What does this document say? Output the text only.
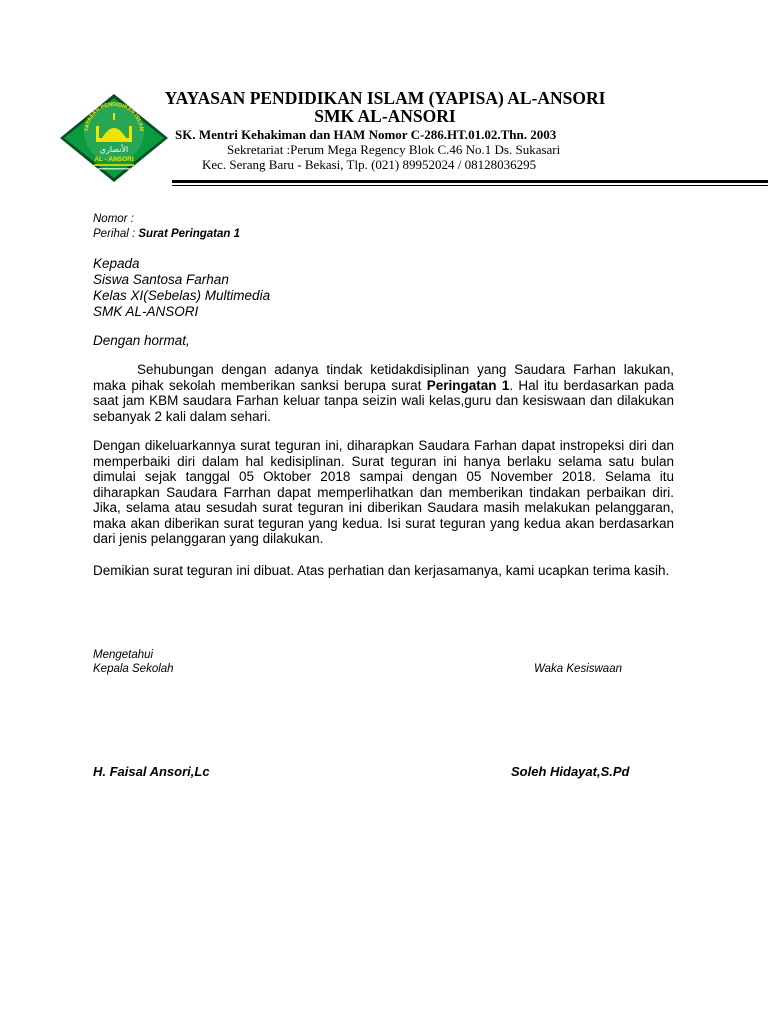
YAYASAN PENDIDIKAN ISLAM
الأنصاري
AL - ANSORI
YAYASAN PENDIDIKAN ISLAM (YAPISA) AL-ANSORI
SMK AL-ANSORI
SK. Mentri Kehakiman dan HAM Nomor C-286.HT.01.02.Thn. 2003
Sekretariat :Perum Mega Regency Blok C.46 No.1 Ds. Sukasari
Kec. Serang Baru - Bekasi, Tlp. (021) 89952024 / 08128036295
Nomor :
Perihal : Surat Peringatan 1
Kepada
Siswa Santosa Farhan
Kelas XI(Sebelas) Multimedia
SMK AL-ANSORI
Dengan hormat,
Sehubungan dengan adanya tindak ketidakdisiplinan yang Saudara Farhan lakukan, maka pihak sekolah memberikan sanksi berupa surat Peringatan 1. Hal itu berdasarkan pada saat jam KBM saudara Farhan keluar tanpa seizin wali kelas,guru dan kesiswaan dan dilakukan sebanyak 2 kali dalam sehari.
Dengan dikeluarkannya surat teguran ini, diharapkan Saudara Farhan dapat instropeksi diri dan memperbaiki diri dalam hal kedisiplinan. Surat teguran ini hanya berlaku selama satu bulan dimulai sejak tanggal 05 Oktober 2018 sampai dengan 05 November 2018. Selama itu diharapkan Saudara Farrhan dapat memperlihatkan dan memberikan tindakan perbaikan diri. Jika, selama atau sesudah surat teguran ini diberikan Saudara masih melakukan pelanggaran, maka akan diberikan surat teguran yang kedua. Isi surat teguran yang kedua akan berdasarkan dari jenis pelanggaran yang dilakukan.
Demikian surat teguran ini dibuat. Atas perhatian dan kerjasamanya, kami ucapkan terima kasih.
Mengetahui
Kepala Sekolah	Waka Kesiswaan
H. Faisal Ansori,Lc	Soleh Hidayat,S.Pd
